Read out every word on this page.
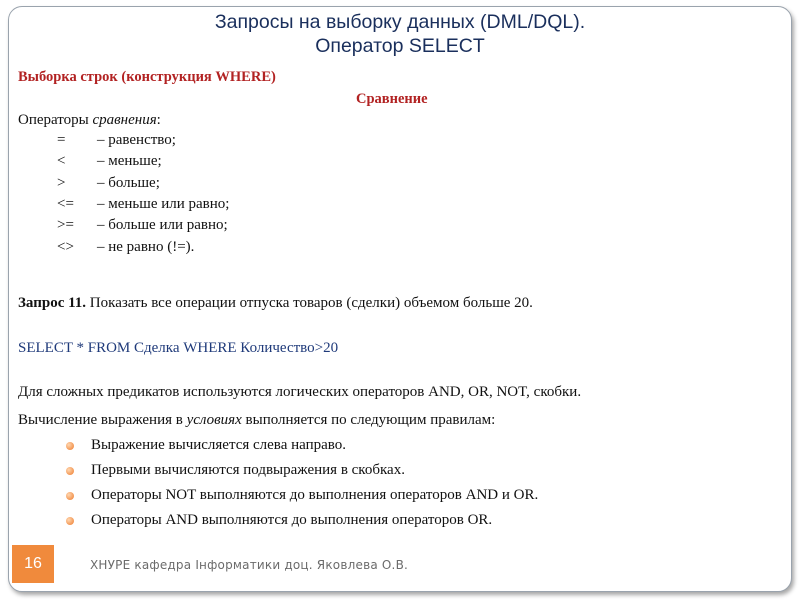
Запросы на выборку данных (DML/DQL).
Оператор SELECT
Выборка строк (конструкция WHERE)
Сравнение
Операторы сравнения:
= – равенство;
< – меньше;
> – больше;
<= – меньше или равно;
>= – больше или равно;
<> – не равно (!=).
Запрос 11. Показать все операции отпуска товаров (сделки) объемом больше 20.
SELECT * FROM Сделка WHERE Количество>20
Для сложных предикатов используются логических операторов AND, OR, NOT, скобки.
Вычисление выражения в условиях выполняется по следующим правилам:
Выражение вычисляется слева направо.
Первыми вычисляются подвыражения в скобках.
Операторы NOT выполняются до выполнения операторов AND и OR.
Операторы AND выполняются до выполнения операторов OR.
16	ХНУРЕ кафедра Інформатики доц. Яковлева О.В.
